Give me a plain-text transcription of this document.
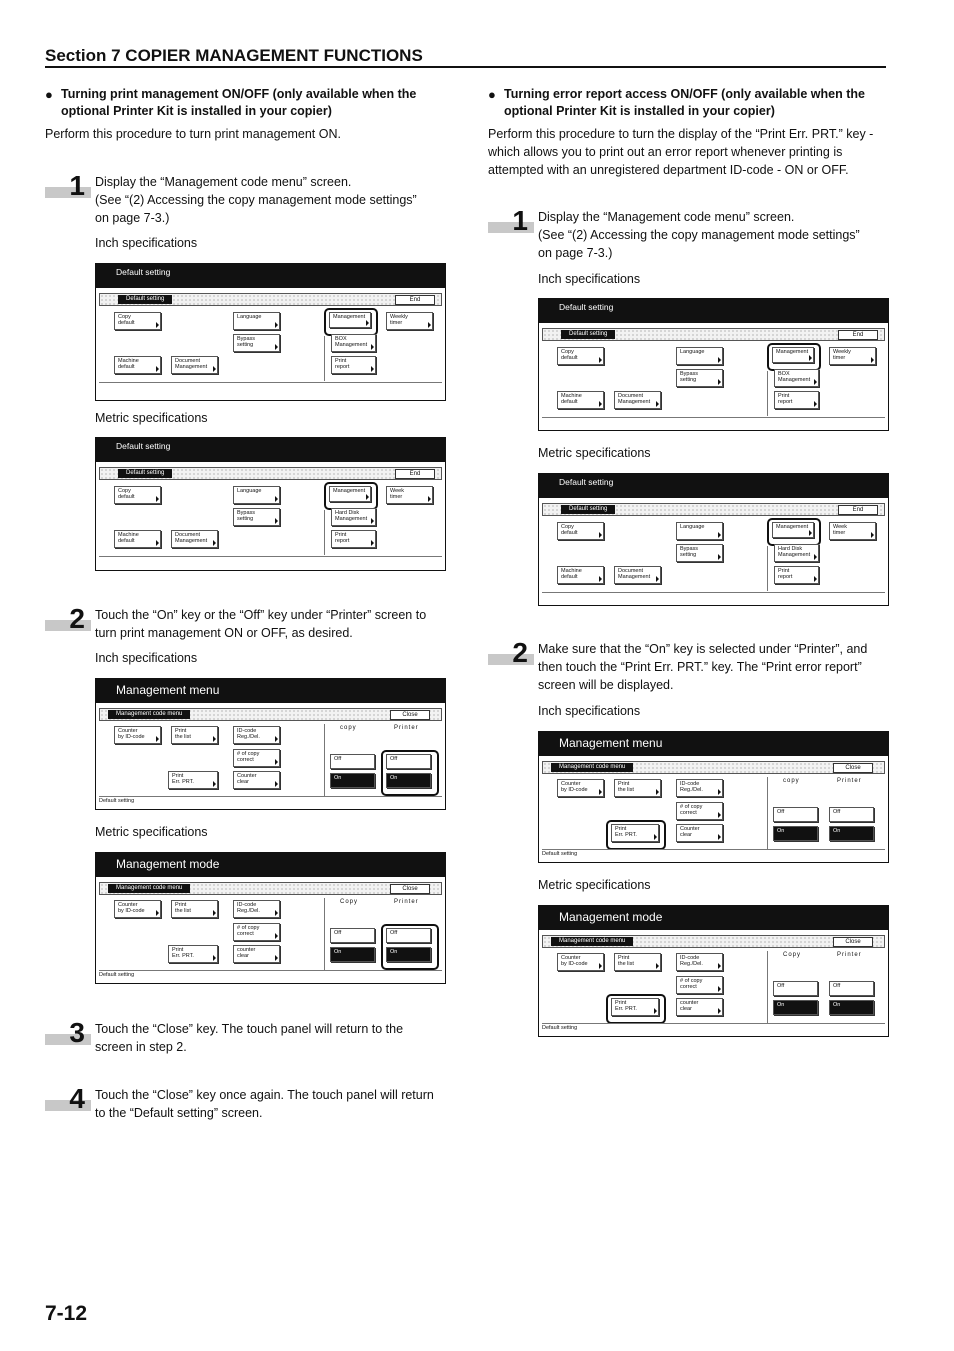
Section 7 COPIER MANAGEMENT FUNCTIONS
● Turning print management ON/OFF (only available when the
optional Printer Kit is installed in your copier)
Perform this procedure to turn print management ON.
1 Display the “Management code menu” screen.
(See “(2) Accessing the copy management mode settings”
on page 7-3.)
Inch specifications
Default setting
Default setting	End
Copy
default
Machine
default
Document
Management
Language
Bypass
setting
Management	Weekly
timer
BOX
Management
Print
report
Metric specifications
Default setting
Default setting	End
Copy
default
Machine
default
Document
Management
Language
Bypass
setting
Management	Week
timer
Hard Disk
Management
Print
report
2 Touch the “On” key or the “Off” key under “Printer” screen to
turn print management ON or OFF, as desired.
Inch specifications
Management menu
Management code menu	Close
Counter
by ID-code
Print
the list
ID-code
Reg./Del.
# of copy
correct
Counter
clear
Print
Err. PRT.
copy	Printer
Off
On
Off
On
Default setting
Metric specifications
Management mode
Management code menu	Close
Counter
by ID-code
Print
the list
ID-code
Reg./Del.
# of copy
correct
counter
clear
Print
Err. PRT.
Copy	Printer
Off
On
Off
On
Default setting
3 Touch the “Close” key. The touch panel will return to the
screen in step 2.
4 Touch the “Close” key once again. The touch panel will return
to the “Default setting” screen.
● Turning error report access ON/OFF (only available when the
optional Printer Kit is installed in your copier)
Perform this procedure to turn the display of the “Print Err. PRT.” key -
which allows you to print out an error report whenever printing is
attempted with an unregistered department ID-code - ON or OFF.
1 Display the “Management code menu” screen.
(See “(2) Accessing the copy management mode settings”
on page 7-3.)
Inch specifications
Default setting
Default setting	End
Copy
default
Machine
default
Document
Management
Language
Bypass
setting
Management	Weekly
timer
BOX
Management
Print
report
Metric specifications
Default setting
Default setting	End
Copy
default
Machine
default
Document
Management
Language
Bypass
setting
Management	Week
timer
Hard Disk
Management
Print
report
2 Make sure that the “On” key is selected under “Printer”, and
then touch the “Print Err. PRT.” key. The “Print error report”
screen will be displayed.
Inch specifications
Management menu
Management code menu	Close
Counter
by ID-code
Print
the list
ID-code
Reg./Del.
# of copy
correct
Counter
clear
Print
Err. PRT.
copy	Printer
Off
On
Off
On
Default setting
Metric specifications
Management mode
Management code menu	Close
Counter
by ID-code
Print
the list
ID-code
Reg./Del.
# of copy
correct
counter
clear
Print
Err. PRT.
Copy	Printer
Off
On
Off
On
Default setting
7-12
